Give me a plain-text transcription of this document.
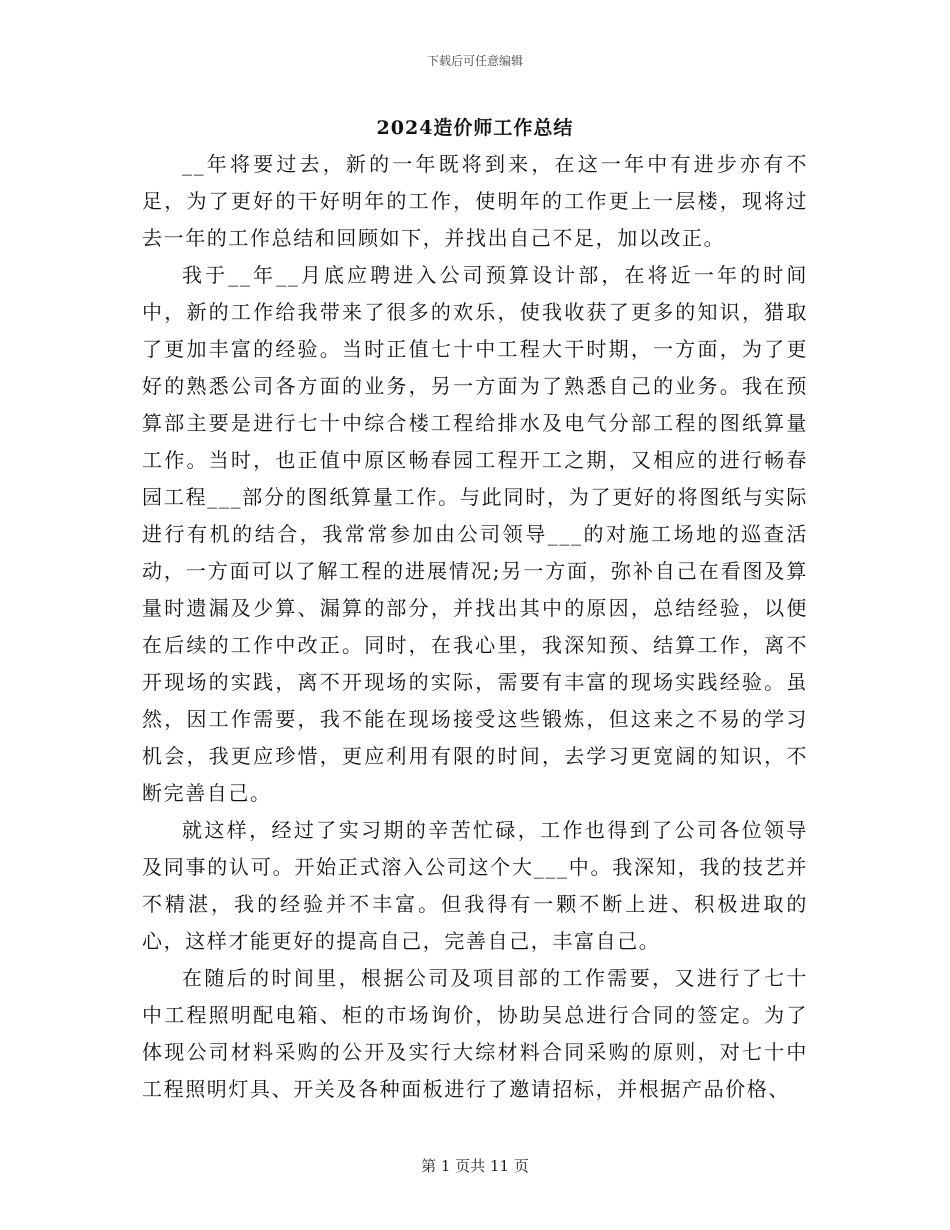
下载后可任意编辑
2024造价师工作总结

__年将要过去，新的一年既将到来，在这一年中有进步亦有不足，为了更好的干好明年的工作，使明年的工作更上一层楼，现将过去一年的工作总结和回顾如下，并找出自己不足，加以改正。

我于__年__月底应聘进入公司预算设计部，在将近一年的时间中，新的工作给我带来了很多的欢乐，使我收获了更多的知识，猎取了更加丰富的经验。当时正值七十中工程大干时期，一方面，为了更好的熟悉公司各方面的业务，另一方面为了熟悉自己的业务。我在预算部主要是进行七十中综合楼工程给排水及电气分部工程的图纸算量工作。当时，也正值中原区畅春园工程开工之期，又相应的进行畅春园工程___部分的图纸算量工作。与此同时，为了更好的将图纸与实际进行有机的结合，我常常参加由公司领导___的对施工场地的巡查活动，一方面可以了解工程的进展情况;另一方面，弥补自己在看图及算量时遗漏及少算、漏算的部分，并找出其中的原因，总结经验，以便在后续的工作中改正。同时，在我心里，我深知预、结算工作，离不开现场的实践，离不开现场的实际，需要有丰富的现场实践经验。虽然，因工作需要，我不能在现场接受这些锻炼，但这来之不易的学习机会，我更应珍惜，更应利用有限的时间，去学习更宽阔的知识，不断完善自己。

就这样，经过了实习期的辛苦忙碌，工作也得到了公司各位领导及同事的认可。开始正式溶入公司这个大___中。我深知，我的技艺并不精湛，我的经验并不丰富。但我得有一颗不断上进、积极进取的心，这样才能更好的提高自己，完善自己，丰富自己。

在随后的时间里，根据公司及项目部的工作需要，又进行了七十中工程照明配电箱、柜的市场询价，协助吴总进行合同的签定。为了体现公司材料采购的公开及实行大综材料合同采购的原则，对七十中工程照明灯具、开关及各种面板进行了邀请招标，并根据产品价格、

第 1 页共 11 页
